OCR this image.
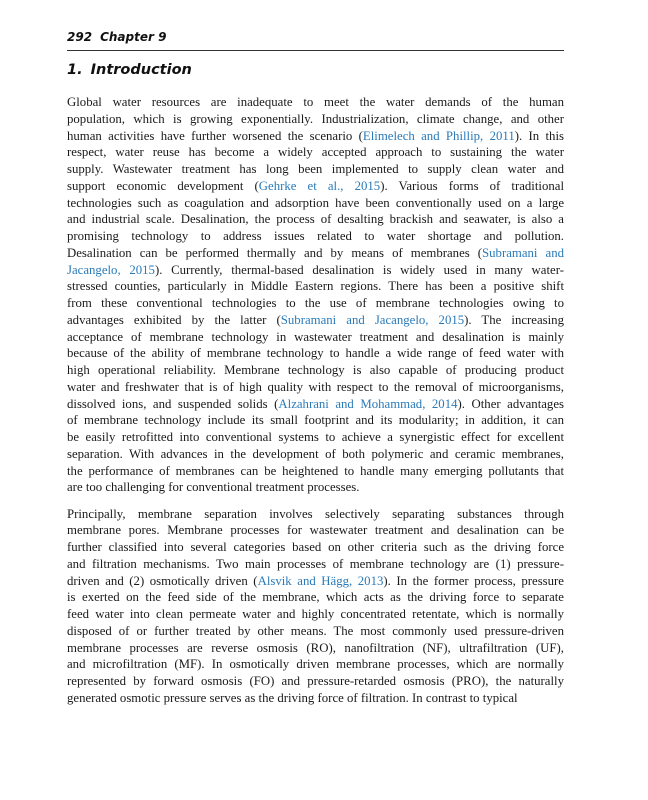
292 Chapter 9
1. Introduction
Global water resources are inadequate to meet the water demands of the human
population, which is growing exponentially. Industrialization, climate change, and other
human activities have further worsened the scenario (Elimelech and Phillip, 2011). In this
respect, water reuse has become a widely accepted approach to sustaining the water
supply. Wastewater treatment has long been implemented to supply clean water and
support economic development (Gehrke et al., 2015). Various forms of traditional
technologies such as coagulation and adsorption have been conventionally used on a large
and industrial scale. Desalination, the process of desalting brackish and seawater, is also a
promising technology to address issues related to water shortage and pollution.
Desalination can be performed thermally and by means of membranes (Subramani and
Jacangelo, 2015). Currently, thermal-based desalination is widely used in many water-
stressed counties, particularly in Middle Eastern regions. There has been a positive shift
from these conventional technologies to the use of membrane technologies owing to
advantages exhibited by the latter (Subramani and Jacangelo, 2015). The increasing
acceptance of membrane technology in wastewater treatment and desalination is mainly
because of the ability of membrane technology to handle a wide range of feed water with
high operational reliability. Membrane technology is also capable of producing product
water and freshwater that is of high quality with respect to the removal of microorganisms,
dissolved ions, and suspended solids (Alzahrani and Mohammad, 2014). Other advantages
of membrane technology include its small footprint and its modularity; in addition, it can
be easily retrofitted into conventional systems to achieve a synergistic effect for excellent
separation. With advances in the development of both polymeric and ceramic membranes,
the performance of membranes can be heightened to handle many emerging pollutants that
are too challenging for conventional treatment processes.
Principally, membrane separation involves selectively separating substances through
membrane pores. Membrane processes for wastewater treatment and desalination can be
further classified into several categories based on other criteria such as the driving force
and filtration mechanisms. Two main processes of membrane technology are (1) pressure-
driven and (2) osmotically driven (Alsvik and Hägg, 2013). In the former process, pressure
is exerted on the feed side of the membrane, which acts as the driving force to separate
feed water into clean permeate water and highly concentrated retentate, which is normally
disposed of or further treated by other means. The most commonly used pressure-driven
membrane processes are reverse osmosis (RO), nanofiltration (NF), ultrafiltration (UF),
and microfiltration (MF). In osmotically driven membrane processes, which are normally
represented by forward osmosis (FO) and pressure-retarded osmosis (PRO), the naturally
generated osmotic pressure serves as the driving force of filtration. In contrast to typical
